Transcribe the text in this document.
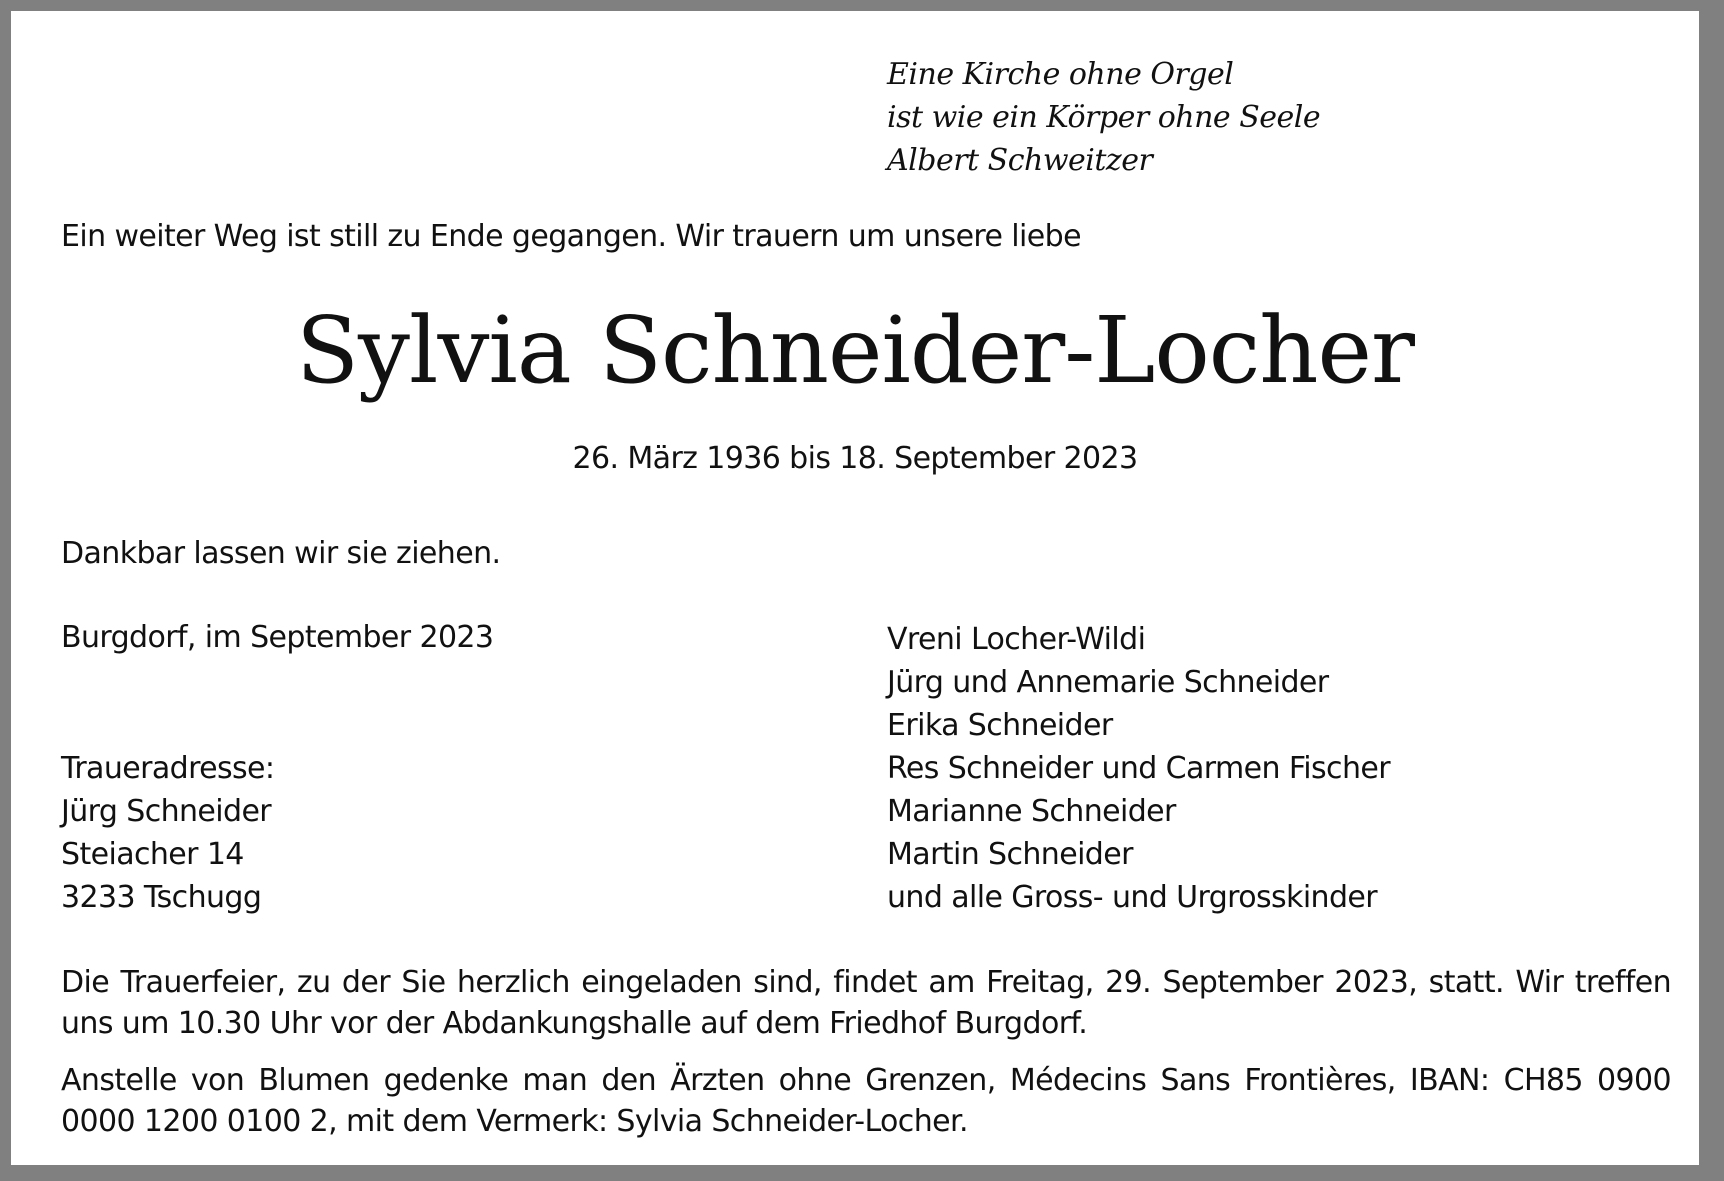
Eine Kirche ohne Orgel
ist wie ein Körper ohne Seele
Albert Schweitzer
Ein weiter Weg ist still zu Ende gegangen. Wir trauern um unsere liebe
Sylvia Schneider-Locher
26. März 1936 bis 18. September 2023
Dankbar lassen wir sie ziehen.
Burgdorf, im September 2023
Traueradresse:
Jürg Schneider
Steiacher 14
3233 Tschugg
Vreni Locher-Wildi
Jürg und Annemarie Schneider
Erika Schneider
Res Schneider und Carmen Fischer
Marianne Schneider
Martin Schneider
und alle Gross- und Urgrosskinder
Die Trauerfeier, zu der Sie herzlich eingeladen sind, findet am Freitag, 29. September 2023, statt. Wir treffen uns um 10.30 Uhr vor der Abdankungshalle auf dem Friedhof Burgdorf.
Anstelle von Blumen gedenke man den Ärzten ohne Grenzen, Médecins Sans Frontières, IBAN: CH85 0900 0000 1200 0100 2, mit dem Vermerk: Sylvia Schneider-Locher.
